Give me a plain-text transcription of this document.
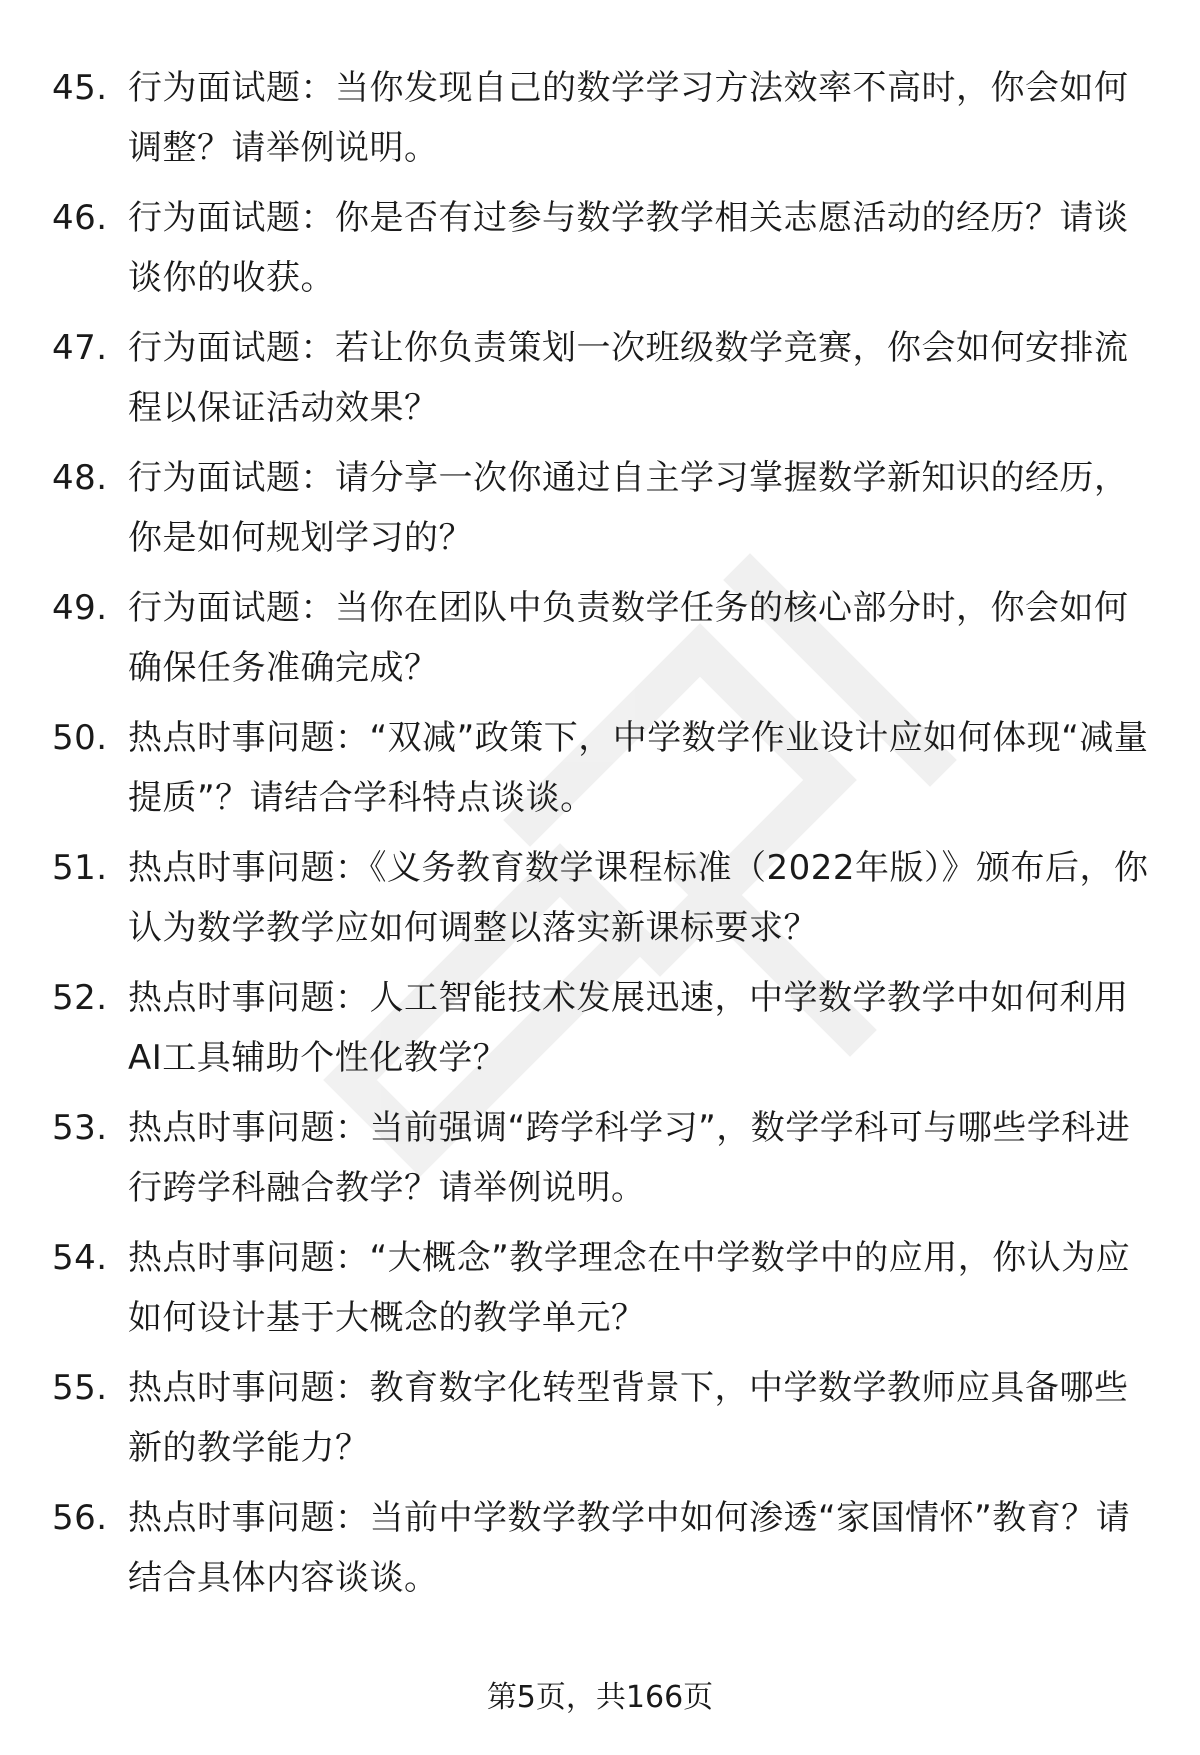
45. 行为面试题：当你发现自己的数学学习方法效率不高时，你会如何调整？请举例说明。
46. 行为面试题：你是否有过参与数学教学相关志愿活动的经历？请谈谈你的收获。
47. 行为面试题：若让你负责策划一次班级数学竞赛，你会如何安排流程以保证活动效果？
48. 行为面试题：请分享一次你通过自主学习掌握数学新知识的经历，你是如何规划学习的？
49. 行为面试题：当你在团队中负责数学任务的核心部分时，你会如何确保任务准确完成？
50. 热点时事问题：“双减”政策下，中学数学作业设计应如何体现“减量提质”？请结合学科特点谈谈。
51. 热点时事问题：《义务教育数学课程标准（2022年版）》颁布后，你认为数学教学应如何调整以落实新课标要求？
52. 热点时事问题：人工智能技术发展迅速，中学数学教学中如何利用AI工具辅助个性化教学？
53. 热点时事问题：当前强调“跨学科学习”，数学学科可与哪些学科进行跨学科融合教学？请举例说明。
54. 热点时事问题：“大概念”教学理念在中学数学中的应用，你认为应如何设计基于大概念的教学单元？
55. 热点时事问题：教育数字化转型背景下，中学数学教师应具备哪些新的教学能力？
56. 热点时事问题：当前中学数学教学中如何渗透“家国情怀”教育？请结合具体内容谈谈。
第5页，共166页
